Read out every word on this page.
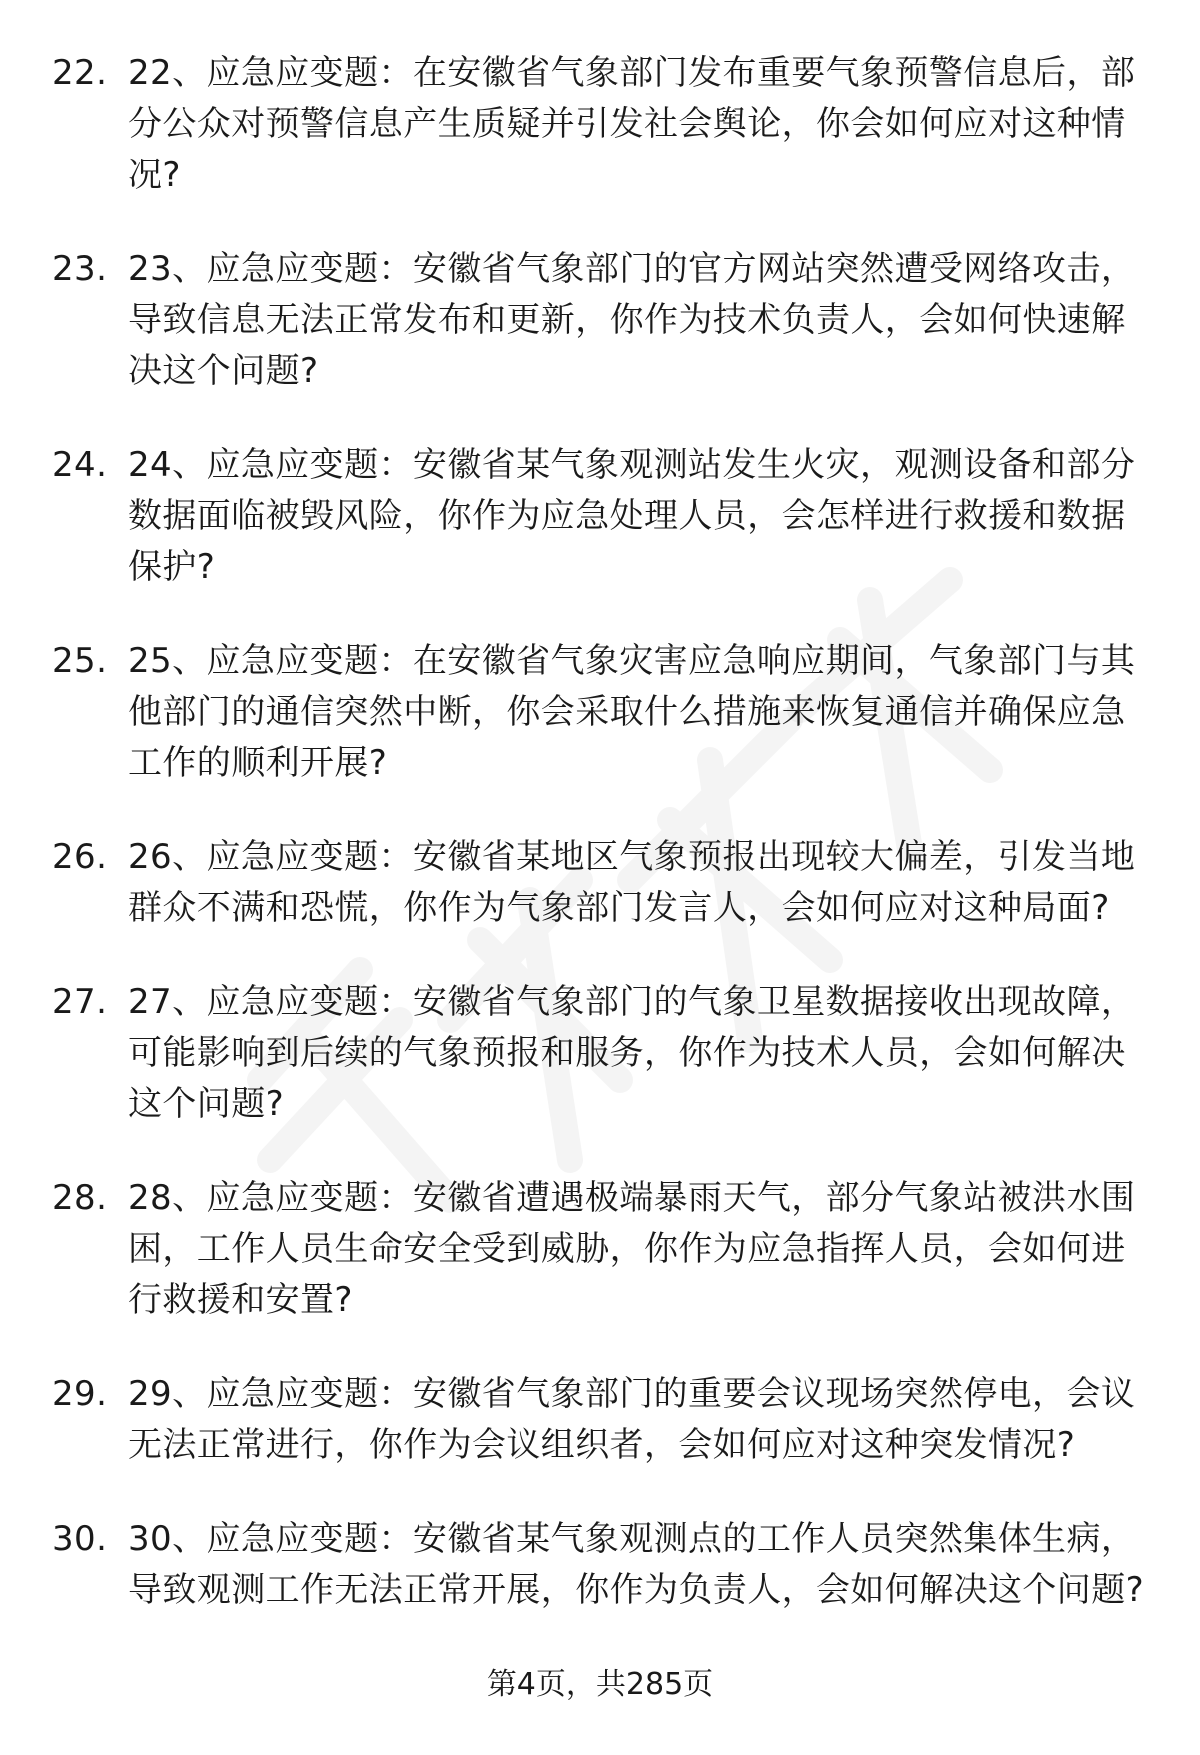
22. 22、应急应变题：在安徽省气象部门发布重要气象预警信息后，部分公众对预警信息产生质疑并引发社会舆论，你会如何应对这种情况?
23. 23、应急应变题：安徽省气象部门的官方网站突然遭受网络攻击，导致信息无法正常发布和更新，你作为技术负责人，会如何快速解决这个问题?
24. 24、应急应变题：安徽省某气象观测站发生火灾，观测设备和部分数据面临被毁风险，你作为应急处理人员，会怎样进行救援和数据保护?
25. 25、应急应变题：在安徽省气象灾害应急响应期间，气象部门与其他部门的通信突然中断，你会采取什么措施来恢复通信并确保应急工作的顺利开展?
26. 26、应急应变题：安徽省某地区气象预报出现较大偏差，引发当地群众不满和恐慌，你作为气象部门发言人，会如何应对这种局面?
27. 27、应急应变题：安徽省气象部门的气象卫星数据接收出现故障，可能影响到后续的气象预报和服务，你作为技术人员，会如何解决这个问题?
28. 28、应急应变题：安徽省遭遇极端暴雨天气，部分气象站被洪水围困，工作人员生命安全受到威胁，你作为应急指挥人员，会如何进行救援和安置?
29. 29、应急应变题：安徽省气象部门的重要会议现场突然停电，会议无法正常进行，你作为会议组织者，会如何应对这种突发情况?
30. 30、应急应变题：安徽省某气象观测点的工作人员突然集体生病，导致观测工作无法正常开展，你作为负责人，会如何解决这个问题?
第4页，共285页
